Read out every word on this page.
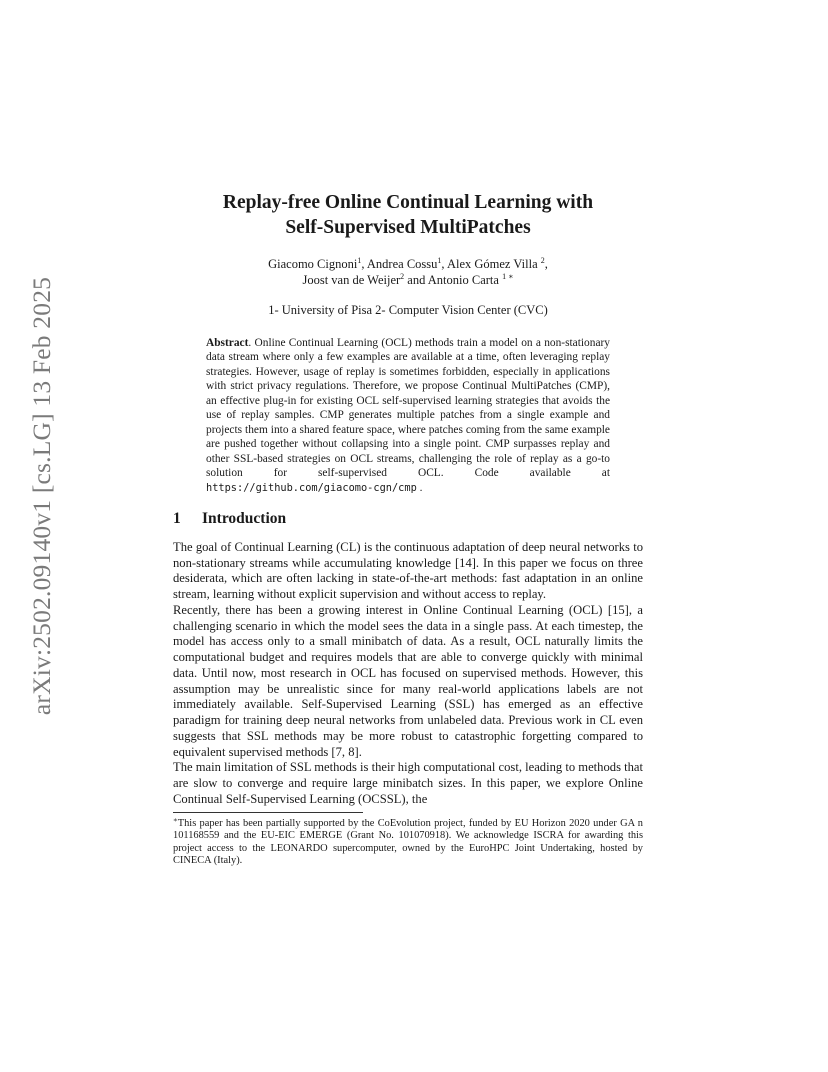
arXiv:2502.09140v1 [cs.LG] 13 Feb 2025
Replay-free Online Continual Learning with
Self-Supervised MultiPatches
Giacomo Cignoni$^1$, Andrea Cossu$^1$, Alex Gómez Villa $^2$,
Joost van de Weijer$^2$ and Antonio Carta $^{1 ∗}$
1- University of Pisa 2- Computer Vision Center (CVC)
Abstract. Online Continual Learning (OCL) methods train a model on a non-stationary data stream where only a few examples are available at a time, often leveraging replay strategies. However, usage of replay is sometimes forbidden, especially in applications with strict privacy regulations. Therefore, we propose Continual MultiPatches (CMP), an effective plug-in for existing OCL self-supervised learning strategies that avoids the use of replay samples. CMP generates multiple patches from a single example and projects them into a shared feature space, where patches coming from the same example are pushed together without collapsing into a single point. CMP surpasses replay and other SSL-based strategies on OCL streams, challenging the role of replay as a go-to solution for self-supervised OCL. Code available at https://github.com/giacomo-cgn/cmp .
1 Introduction

The goal of Continual Learning (CL) is the continuous adaptation of deep neural networks to non-stationary streams while accumulating knowledge [14]. In this paper we focus on three desiderata, which are often lacking in state-of-the-art methods: fast adaptation in an online stream, learning without explicit supervision and without access to replay.

Recently, there has been a growing interest in Online Continual Learning (OCL) [15], a challenging scenario in which the model sees the data in a single pass. At each timestep, the model has access only to a small minibatch of data. As a result, OCL naturally limits the computational budget and requires models that are able to converge quickly with minimal data. Until now, most research in OCL has focused on supervised methods. However, this assumption may be unrealistic since for many real-world applications labels are not immediately available. Self-Supervised Learning (SSL) has emerged as an effective paradigm for training deep neural networks from unlabeled data. Previous work in CL even suggests that SSL methods may be more robust to catastrophic forgetting compared to equivalent supervised methods [7, 8].

The main limitation of SSL methods is their high computational cost, leading to methods that are slow to converge and require large minibatch sizes. In this paper, we explore Online Continual Self-Supervised Learning (OCSSL), the

∗This paper has been partially supported by the CoEvolution project, funded by EU Horizon 2020 under GA n 101168559 and the EU-EIC EMERGE (Grant No. 101070918). We acknowledge ISCRA for awarding this project access to the LEONARDO supercomputer, owned by the EuroHPC Joint Undertaking, hosted by CINECA (Italy).
